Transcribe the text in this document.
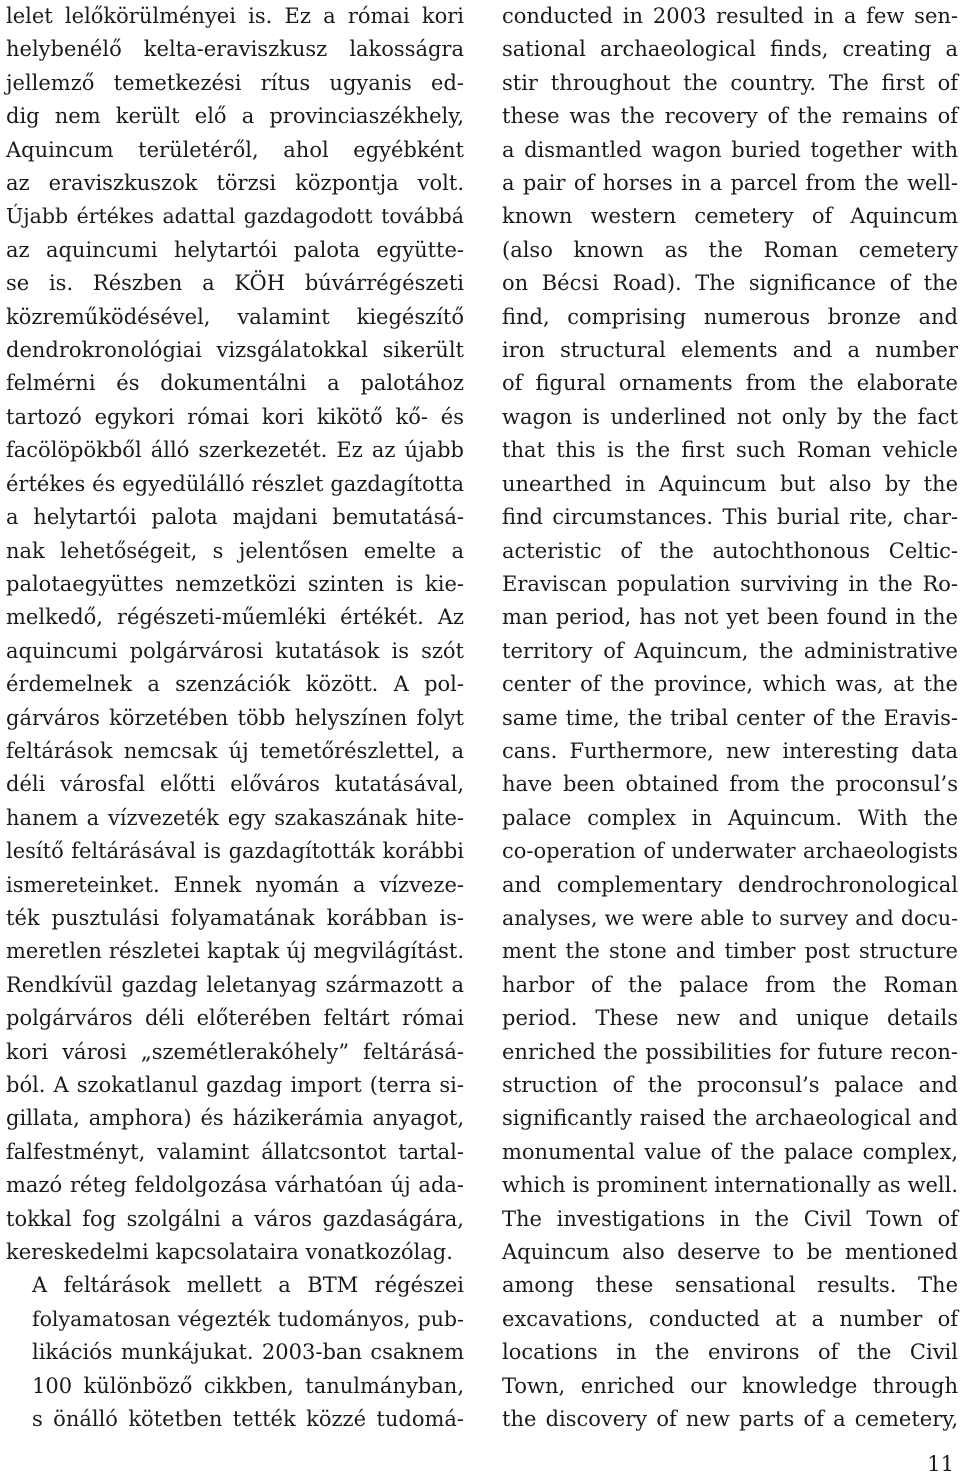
lelet lelőkörülményei is. Ez a római kori
helybenélő kelta-eraviszkusz lakosságra
jellemző temetkezési rítus ugyanis ed-
dig nem került elő a provinciaszékhely,
Aquincum területéről, ahol egyébként
az eraviszkuszok törzsi központja volt.
Újabb értékes adattal gazdagodott továbbá
az aquincumi helytartói palota együtte-
se is. Részben a KÖH búvárrégészeti
közreműködésével, valamint kiegészítő
dendrokronológiai vizsgálatokkal sikerült
felmérni és dokumentálni a palotához
tartozó egykori római kori kikötő kő- és
facölöpökből álló szerkezetét. Ez az újabb
értékes és egyedülálló részlet gazdagította
a helytartói palota majdani bemutatásá-
nak lehetőségeit, s jelentősen emelte a
palotaegyüttes nemzetközi szinten is kie-
melkedő, régészeti-műemléki értékét. Az
aquincumi polgárvárosi kutatások is szót
érdemelnek a szenzációk között. A pol-
gárváros körzetében több helyszínen folyt
feltárások nemcsak új temetőrészlettel, a
déli városfal előtti előváros kutatásával,
hanem a vízvezeték egy szakaszának hite-
lesítő feltárásával is gazdagították korábbi
ismereteinket. Ennek nyomán a vízveze-
ték pusztulási folyamatának korábban is-
meretlen részletei kaptak új megvilágítást.
Rendkívül gazdag leletanyag származott a
polgárváros déli előterében feltárt római
kori városi „szemétlerakóhely” feltárásá-
ból. A szokatlanul gazdag import (terra si-
gillata, amphora) és házikerámia anyagot,
falfestményt, valamint állatcsontot tartal-
mazó réteg feldolgozása várhatóan új ada-
tokkal fog szolgálni a város gazdaságára,
kereskedelmi kapcsolataira vonatkozólag.

A feltárások mellett a BTM régészei
folyamatosan végezték tudományos, pub-
likációs munkájukat. 2003-ban csaknem
100 különböző cikkben, tanulmányban,
s önálló kötetben tették közzé tudomá-

conducted in 2003 resulted in a few sen-
sational archaeological finds, creating a
stir throughout the country. The first of
these was the recovery of the remains of
a dismantled wagon buried together with
a pair of horses in a parcel from the well-
known western cemetery of Aquincum
(also known as the Roman cemetery
on Bécsi Road). The significance of the
find, comprising numerous bronze and
iron structural elements and a number
of figural ornaments from the elaborate
wagon is underlined not only by the fact
that this is the first such Roman vehicle
unearthed in Aquincum but also by the
find circumstances. This burial rite, char-
acteristic of the autochthonous Celtic-
Eraviscan population surviving in the Ro-
man period, has not yet been found in the
territory of Aquincum, the administrative
center of the province, which was, at the
same time, the tribal center of the Eravis-
cans. Furthermore, new interesting data
have been obtained from the proconsul’s
palace complex in Aquincum. With the
co-operation of underwater archaeologists
and complementary dendrochronological
analyses, we were able to survey and docu-
ment the stone and timber post structure
harbor of the palace from the Roman
period. These new and unique details
enriched the possibilities for future recon-
struction of the proconsul’s palace and
significantly raised the archaeological and
monumental value of the palace complex,
which is prominent internationally as well.
The investigations in the Civil Town of
Aquincum also deserve to be mentioned
among these sensational results. The
excavations, conducted at a number of
locations in the environs of the Civil
Town, enriched our knowledge through
the discovery of new parts of a cemetery,

11
